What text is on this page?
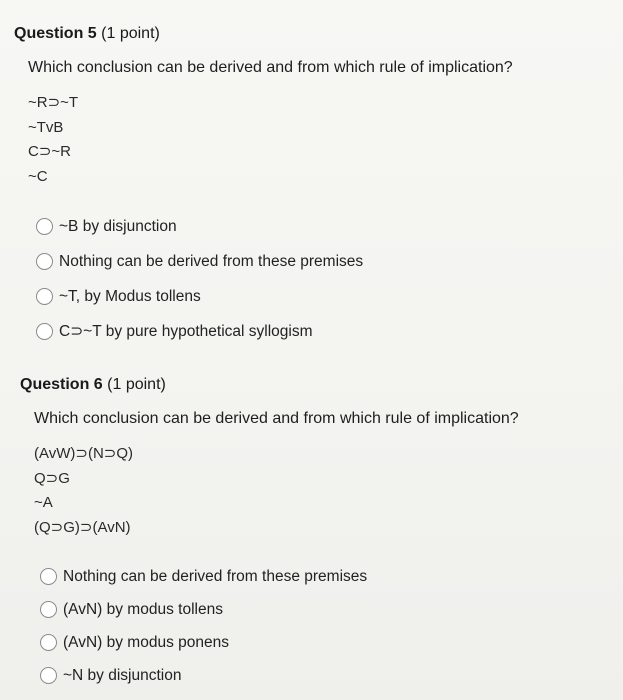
Question 5 (1 point)
Which conclusion can be derived and from which rule of implication?
~R⊃~T
~TvB
C⊃~R
~C
~B by disjunction
Nothing can be derived from these premises
~T, by Modus tollens
C⊃~T by pure hypothetical syllogism
Question 6 (1 point)
Which conclusion can be derived and from which rule of implication?
(AvW)⊃(N⊃Q)
Q⊃G
~A
(Q⊃G)⊃(AvN)
Nothing can be derived from these premises
(AvN) by modus tollens
(AvN) by modus ponens
~N by disjunction
